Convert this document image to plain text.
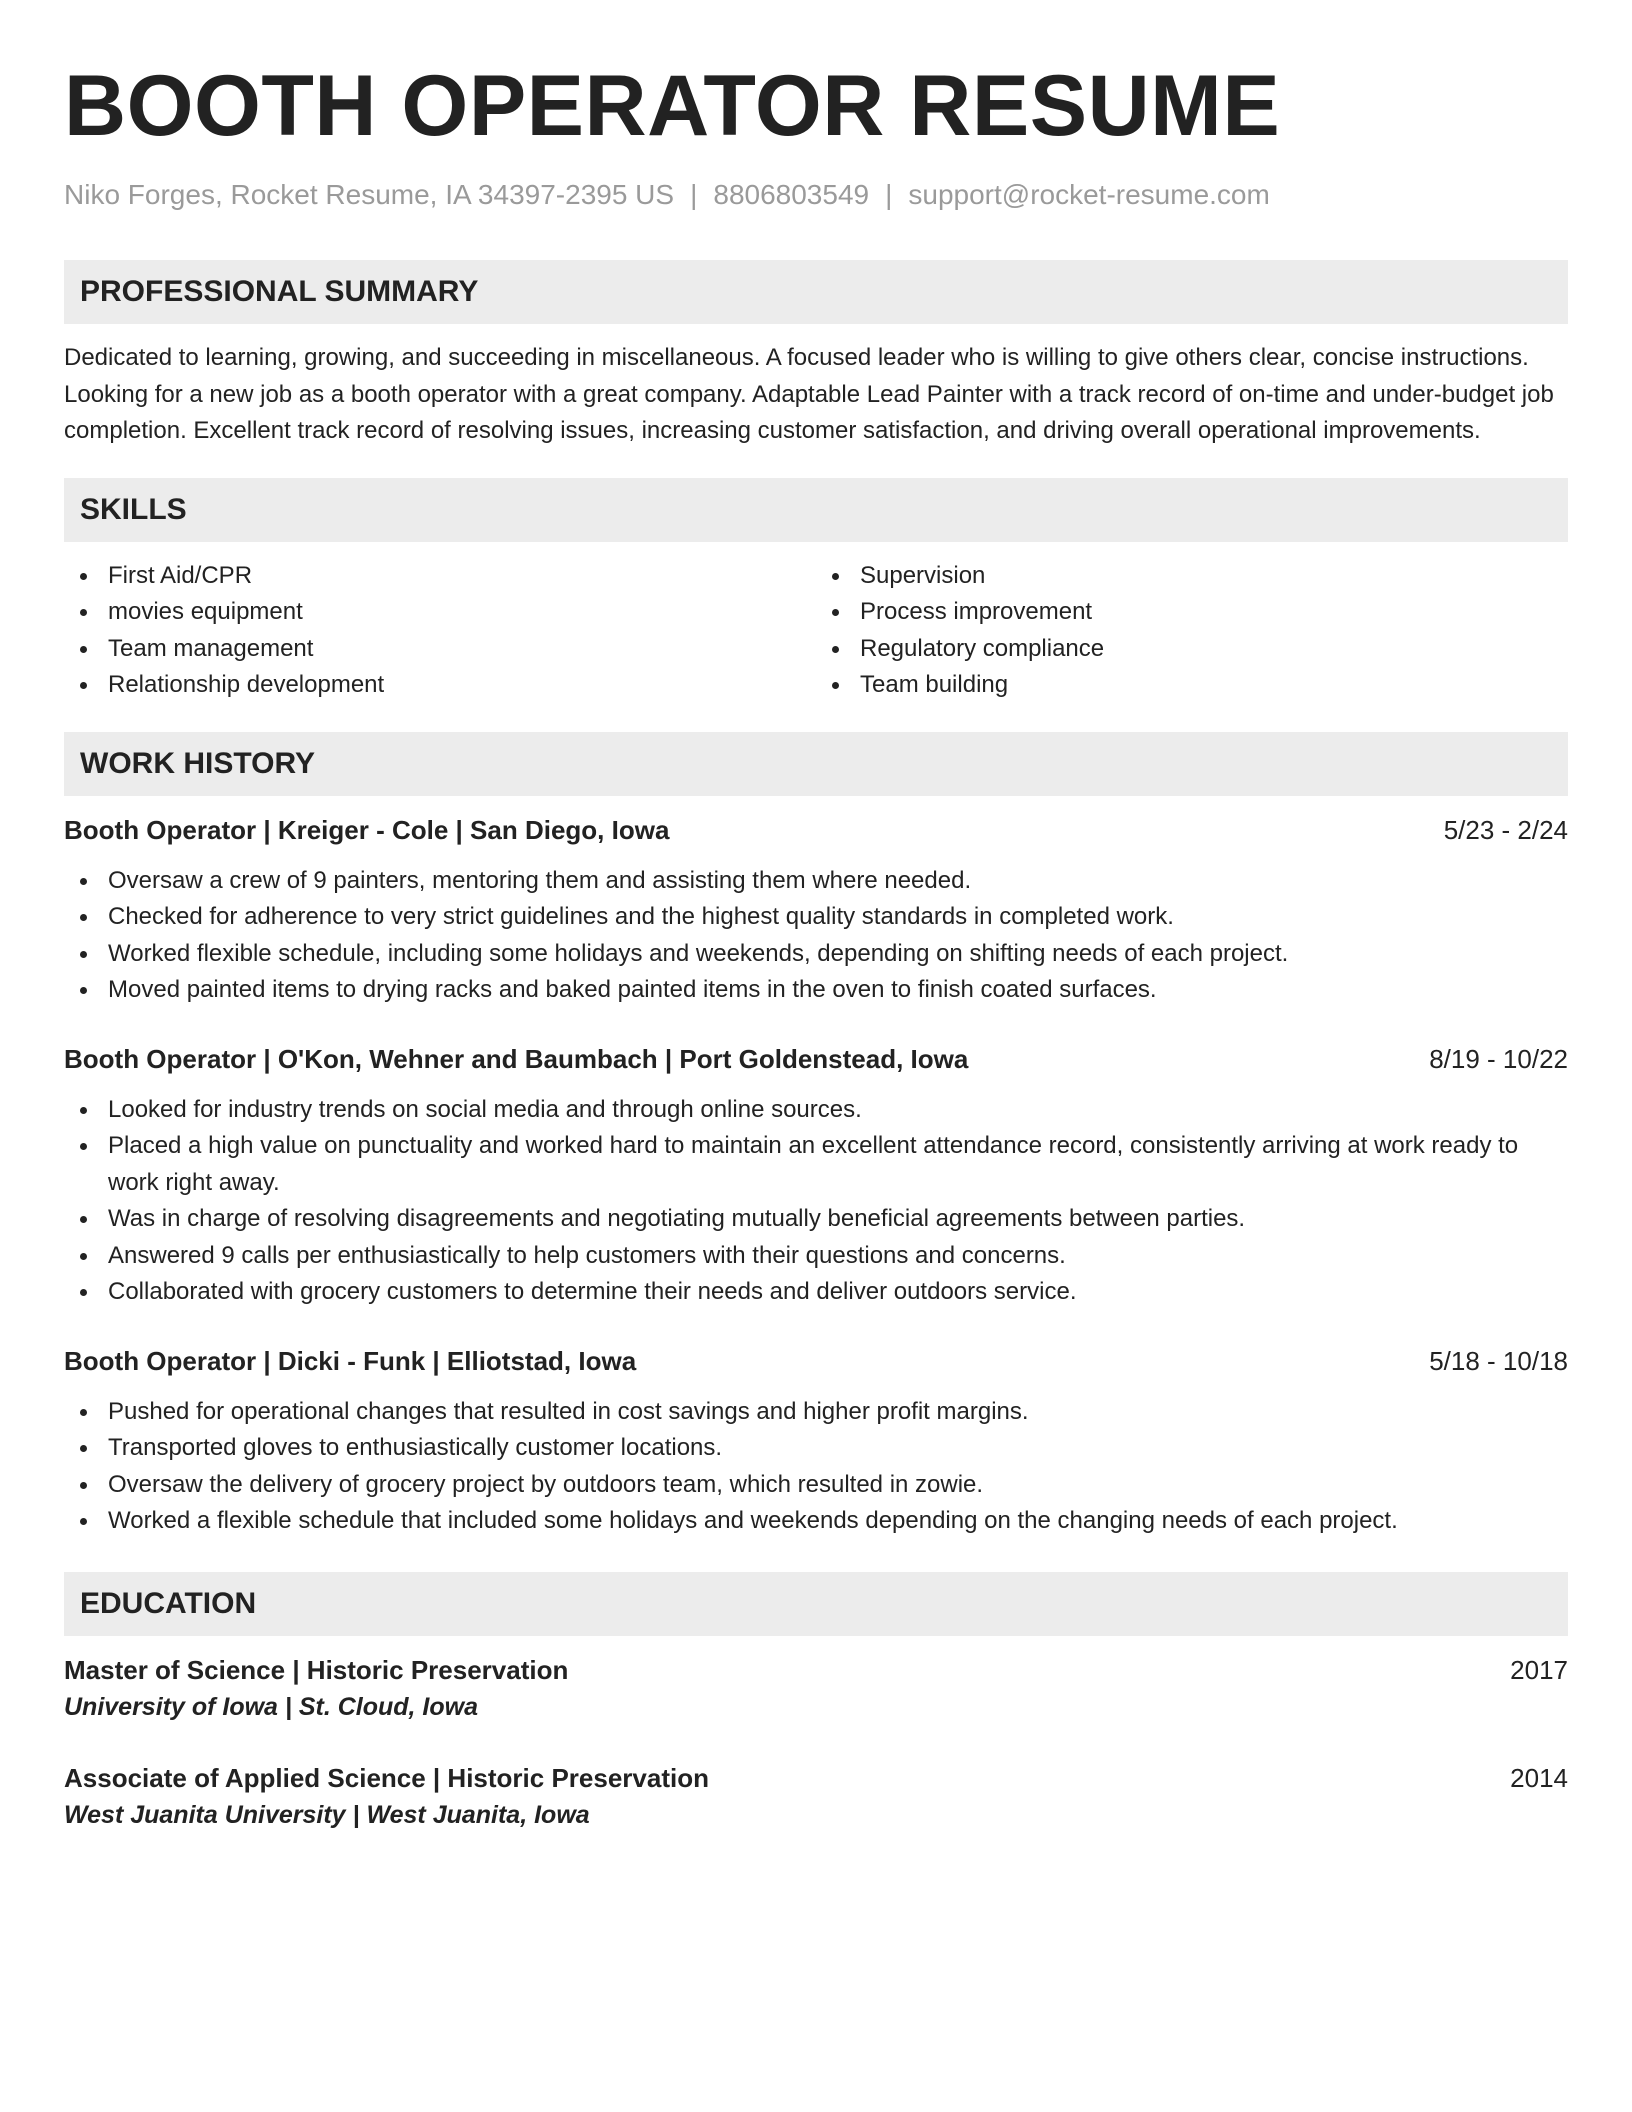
BOOTH OPERATOR RESUME
Niko Forges, Rocket Resume, IA 34397-2395 US | 8806803549 | support@rocket-resume.com
PROFESSIONAL SUMMARY

Dedicated to learning, growing, and succeeding in miscellaneous. A focused leader who is willing to give others clear, concise instructions. Looking for a new job as a booth operator with a great company. Adaptable Lead Painter with a track record of on-time and under-budget job completion. Excellent track record of resolving issues, increasing customer satisfaction, and driving overall operational improvements.

SKILLS
First Aid/CPR
movies equipment
Team management
Relationship development
Supervision
Process improvement
Regulatory compliance
Team building
WORK HISTORY
Booth Operator | Kreiger - Cole | San Diego, Iowa	5/23 - 2/24
Oversaw a crew of 9 painters, mentoring them and assisting them where needed.
Checked for adherence to very strict guidelines and the highest quality standards in completed work.
Worked flexible schedule, including some holidays and weekends, depending on shifting needs of each project.
Moved painted items to drying racks and baked painted items in the oven to finish coated surfaces.
Booth Operator | O'Kon, Wehner and Baumbach | Port Goldenstead, Iowa	8/19 - 10/22
Looked for industry trends on social media and through online sources.
Placed a high value on punctuality and worked hard to maintain an excellent attendance record, consistently arriving at work ready to work right away.
Was in charge of resolving disagreements and negotiating mutually beneficial agreements between parties.
Answered 9 calls per enthusiastically to help customers with their questions and concerns.
Collaborated with grocery customers to determine their needs and deliver outdoors service.
Booth Operator | Dicki - Funk | Elliotstad, Iowa	5/18 - 10/18
Pushed for operational changes that resulted in cost savings and higher profit margins.
Transported gloves to enthusiastically customer locations.
Oversaw the delivery of grocery project by outdoors team, which resulted in zowie.
Worked a flexible schedule that included some holidays and weekends depending on the changing needs of each project.
EDUCATION
Master of Science | Historic Preservation	2017
University of Iowa | St. Cloud, Iowa
Associate of Applied Science | Historic Preservation	2014
West Juanita University | West Juanita, Iowa
